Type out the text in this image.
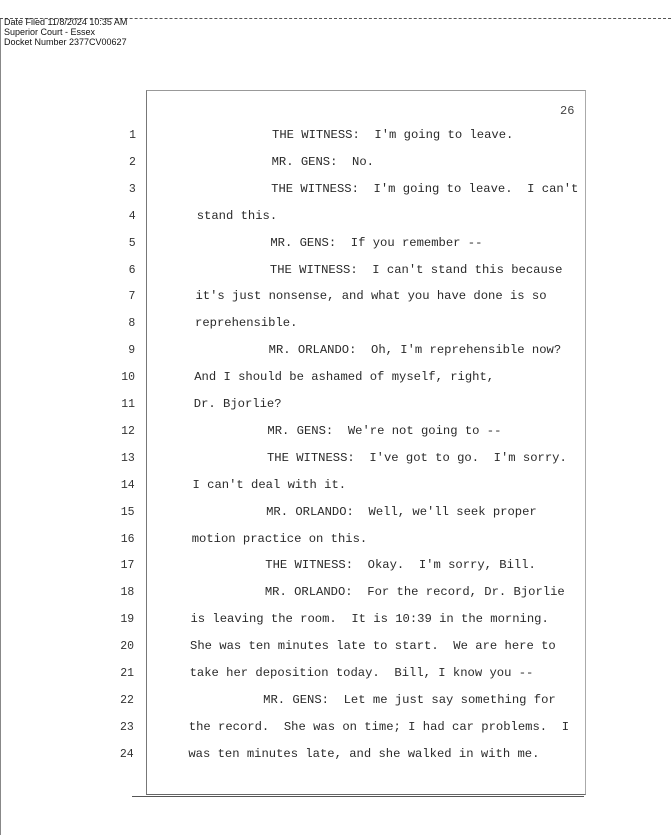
Date Filed 11/8/2024 10:35 AM
Superior Court - Essex
Docket Number 2377CV00627
26
1	THE WITNESS:  I'm going to leave.
2	MR. GENS:  No.
3	THE WITNESS:  I'm going to leave.  I can't
4	stand this.
5	MR. GENS:  If you remember --
6	THE WITNESS:  I can't stand this because
7	it's just nonsense, and what you have done is so
8	reprehensible.
9	MR. ORLANDO:  Oh, I'm reprehensible now?
10	And I should be ashamed of myself, right,
11	Dr. Bjorlie?
12	MR. GENS:  We're not going to --
13	THE WITNESS:  I've got to go.  I'm sorry.
14	I can't deal with it.
15	MR. ORLANDO:  Well, we'll seek proper
16	motion practice on this.
17	THE WITNESS:  Okay.  I'm sorry, Bill.
18	MR. ORLANDO:  For the record, Dr. Bjorlie
19	is leaving the room.  It is 10:39 in the morning.
20	She was ten minutes late to start.  We are here to
21	take her deposition today.  Bill, I know you --
22	MR. GENS:  Let me just say something for
23	the record.  She was on time; I had car problems.  I
24	was ten minutes late, and she walked in with me.
